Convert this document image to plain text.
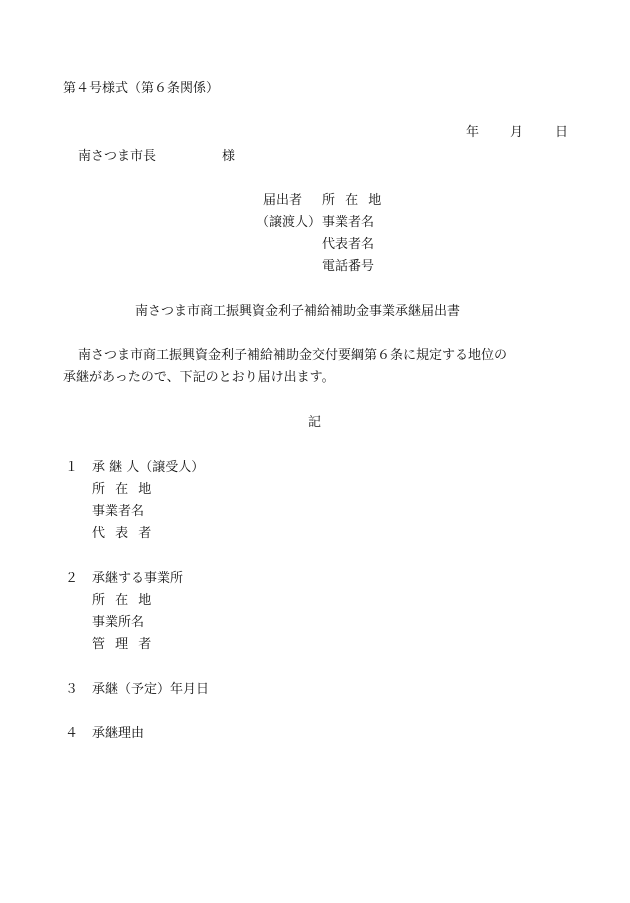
第４号様式（第６条関係）
年 月 日
南さつま市長	様
届出者
（譲渡人）
所 在 地
事業者名
代表者名
電話番号
南さつま市商工振興資金利子補給補助金事業承継届出書
南さつま市商工振興資金利子補給補助金交付要綱第６条に規定する地位の
承継があったので、下記のとおり届け出ます。
記
１ 承 継 人（譲受人）
所 在 地
事業者名
代 表 者
２ 承継する事業所
所 在 地
事業所名
管 理 者
３ 承継（予定）年月日
４ 承継理由
